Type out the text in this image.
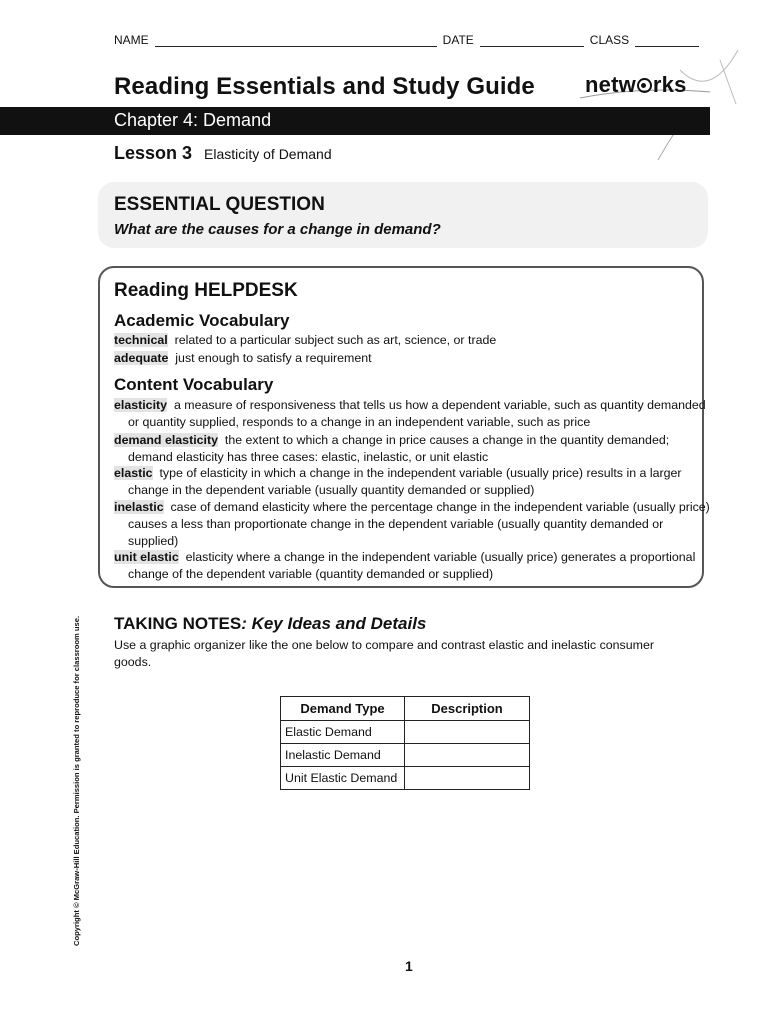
NAME	DATE	CLASS
Reading Essentials and Study Guide netw rks
Chapter 4: Demand
Lesson 3 Elasticity of Demand
ESSENTIAL QUESTION
What are the causes for a change in demand?
Reading HELPDESK
Academic Vocabulary
technical related to a particular subject such as art, science, or trade
adequate just enough to satisfy a requirement
Content Vocabulary
elasticity a measure of responsiveness that tells us how a dependent variable, such as quantity demanded or quantity supplied, responds to a change in an independent variable, such as price
demand elasticity the extent to which a change in price causes a change in the quantity demanded; demand elasticity has three cases: elastic, inelastic, or unit elastic
elastic type of elasticity in which a change in the independent variable (usually price) results in a larger change in the dependent variable (usually quantity demanded or supplied)
inelastic case of demand elasticity where the percentage change in the independent variable (usually price) causes a less than proportionate change in the dependent variable (usually quantity demanded or supplied)
unit elastic elasticity where a change in the independent variable (usually price) generates a proportional change of the dependent variable (quantity demanded or supplied)
TAKING NOTES: Key Ideas and Details
Use a graphic organizer like the one below to compare and contrast elastic and inelastic consumer goods.
Demand Type	Description
Elastic Demand	
Inelastic Demand	
Unit Elastic Demand	
Copyright © McGraw-Hill Education. Permission is granted to reproduce for classroom use.
1
